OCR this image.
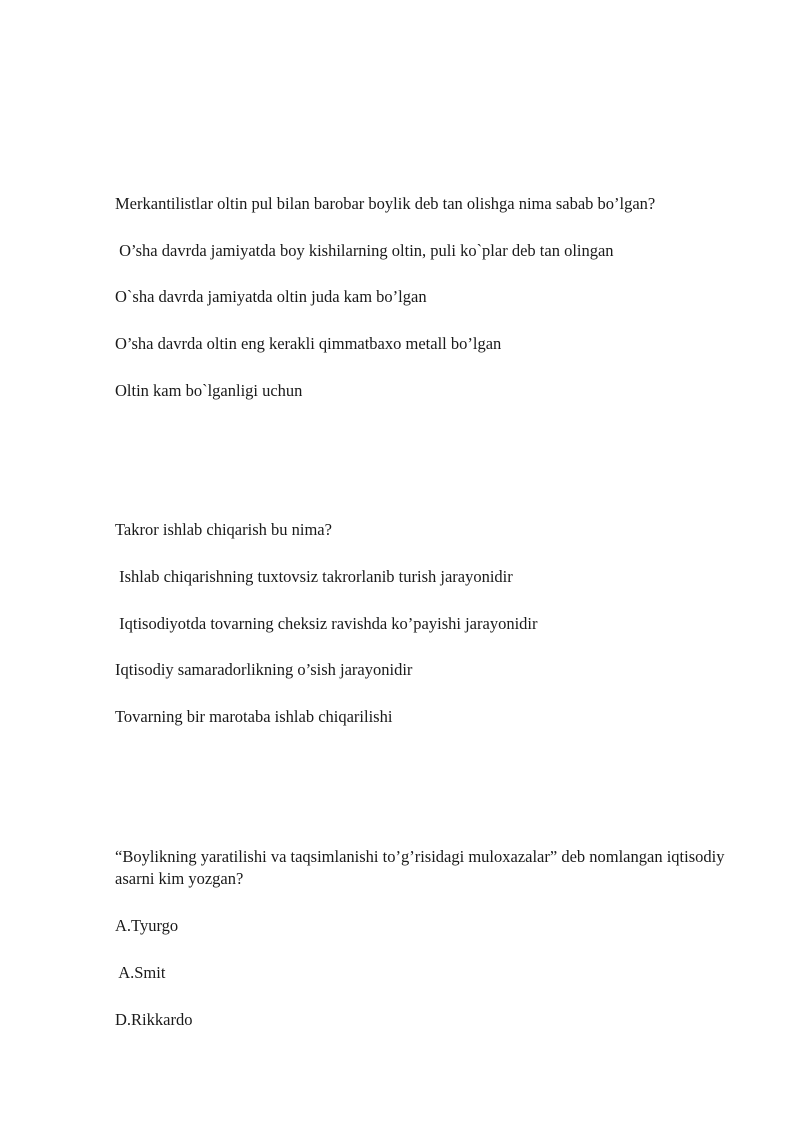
Merkantilistlar oltin pul bilan barobar boylik deb tan olishga nima sabab bo’lgan?
O’sha davrda jamiyatda boy kishilarning oltin, puli ko`plar deb tan olingan
O`sha davrda jamiyatda oltin juda kam bo’lgan
O’sha davrda oltin eng kerakli qimmatbaxo metall bo’lgan
Oltin kam bo`lganligi uchun
Takror ishlab chiqarish bu nima?
Ishlab chiqarishning tuxtovsiz takrorlanib turish jarayonidir
Iqtisodiyotda tovarning cheksiz ravishda ko’payishi jarayonidir
Iqtisodiy samaradorlikning o’sish jarayonidir
Tovarning bir marotaba ishlab chiqarilishi
“Boylikning yaratilishi va taqsimlanishi to’g’risidagi muloxazalar” deb nomlangan iqtisodiy asarni kim yozgan?
A.Tyurgo
A.Smit
D.Rikkardo
